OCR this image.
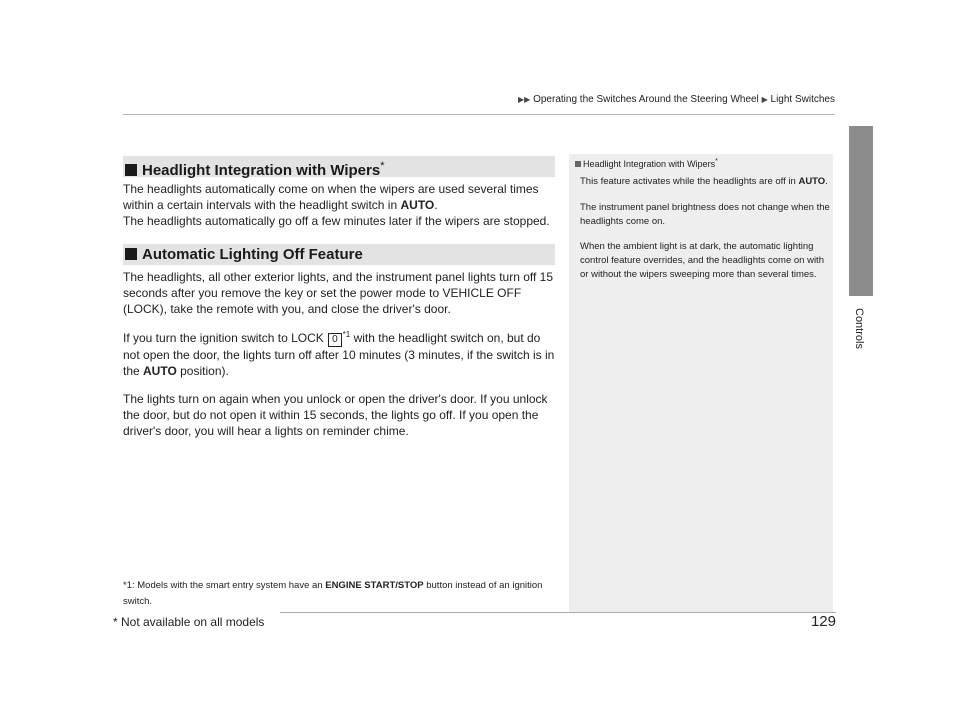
▶▶ Operating the Switches Around the Steering Wheel ▶ Light Switches
Controls
Headlight Integration with Wipers*

The headlights automatically come on when the wipers are used several times within a certain intervals with the headlight switch in AUTO.

The headlights automatically go off a few minutes later if the wipers are stopped.

Automatic Lighting Off Feature

The headlights, all other exterior lights, and the instrument panel lights turn off 15 seconds after you remove the key or set the power mode to VEHICLE OFF (LOCK), take the remote with you, and close the driver's door.

If you turn the ignition switch to LOCK 0 $^{*1}$ with the headlight switch on, but do not open the door, the lights turn off after 10 minutes (3 minutes, if the switch is in the AUTO position).

The lights turn on again when you unlock or open the driver's door. If you unlock the door, but do not open it within 15 seconds, the lights go off. If you open the driver's door, you will hear a lights on reminder chime.

*1: Models with the smart entry system have an ENGINE START/STOP button instead of an ignition switch.

Headlight Integration with Wipers*

This feature activates while the headlights are off in AUTO.

The instrument panel brightness does not change when the headlights come on.

When the ambient light is at dark, the automatic lighting control feature overrides, and the headlights come on with or without the wipers sweeping more than several times.

* Not available on all models	129
